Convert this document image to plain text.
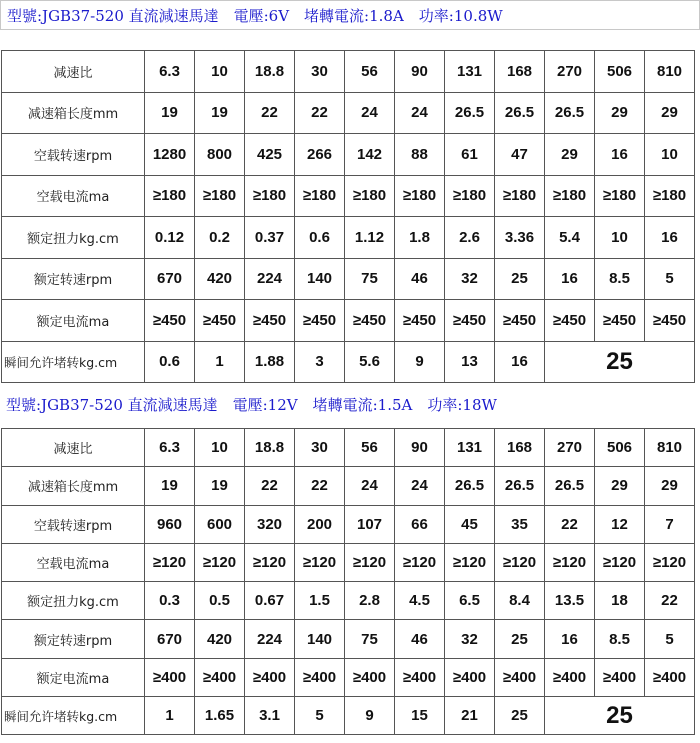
型號:JGB37-520 直流減速馬達　電壓:6V　堵轉電流:1.8A　功率:10.8W
减速比	6.3	10	18.8	30	56	90	131	168	270	506	810
减速箱长度mm	19	19	22	22	24	24	26.5	26.5	26.5	29	29
空载转速rpm	1280	800	425	266	142	88	61	47	29	16	10
空载电流ma	≥180	≥180	≥180	≥180	≥180	≥180	≥180	≥180	≥180	≥180	≥180
额定扭力kg.cm	0.12	0.2	0.37	0.6	1.12	1.8	2.6	3.36	5.4	10	16
额定转速rpm	670	420	224	140	75	46	32	25	16	8.5	5
额定电流ma	≥450	≥450	≥450	≥450	≥450	≥450	≥450	≥450	≥450	≥450	≥450
瞬间允许堵转kg.cm	0.6	1	1.88	3	5.6	9	13	16	25		
型號:JGB37-520 直流減速馬達　電壓:12V　堵轉電流:1.5A　功率:18W
减速比	6.3	10	18.8	30	56	90	131	168	270	506	810
减速箱长度mm	19	19	22	22	24	24	26.5	26.5	26.5	29	29
空载转速rpm	960	600	320	200	107	66	45	35	22	12	7
空载电流ma	≥120	≥120	≥120	≥120	≥120	≥120	≥120	≥120	≥120	≥120	≥120
额定扭力kg.cm	0.3	0.5	0.67	1.5	2.8	4.5	6.5	8.4	13.5	18	22
额定转速rpm	670	420	224	140	75	46	32	25	16	8.5	5
额定电流ma	≥400	≥400	≥400	≥400	≥400	≥400	≥400	≥400	≥400	≥400	≥400
瞬间允许堵转kg.cm	1	1.65	3.1	5	9	15	21	25	25		
